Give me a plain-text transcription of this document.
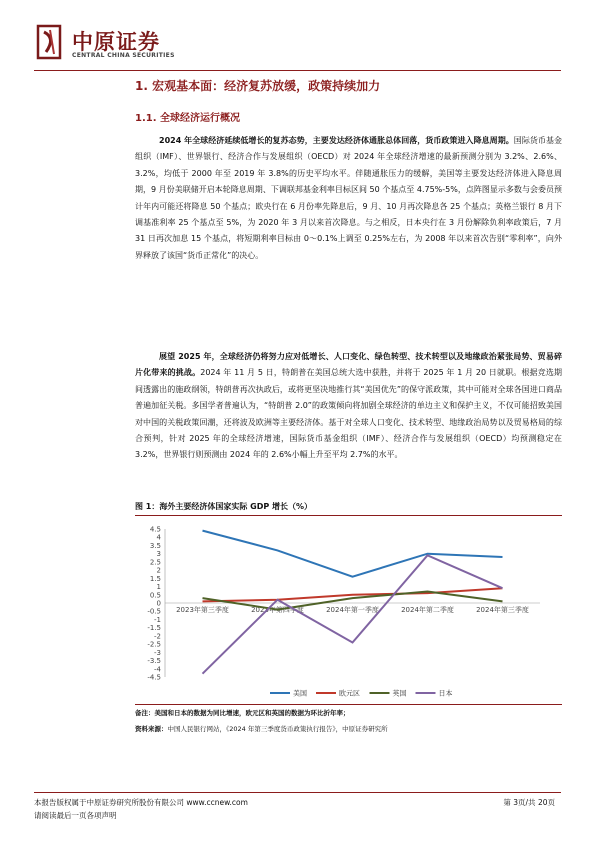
中原证券
CENTRAL CHINA SECURITIES
1. 宏观基本面：经济复苏放缓，政策持续加力
1.1. 全球经济运行概况

2024 年全球经济延续低增长的复苏态势，主要发达经济体通胀总体回落，货币政策进入降息周期。国际货币基金组织（IMF）、世界银行、经济合作与发展组织（OECD）对 2024 年全球经济增速的最新预测分别为 3.2%、2.6%、3.2%，均低于 2000 年至 2019 年 3.8%的历史平均水平。伴随通胀压力的缓解，美国等主要发达经济体进入降息周期，9 月份美联储开启本轮降息周期、下调联邦基金利率目标区间 50 个基点至 4.75%-5%，点阵图显示多数与会委员预计年内可能还将降息 50 个基点；欧央行在 6 月份率先降息后，9 月、10 月再次降息各 25 个基点；英格兰银行 8 月下调基准利率 25 个基点至 5%，为 2020 年 3 月以来首次降息。与之相反，日本央行在 3 月份解除负利率政策后，7 月 31 日再次加息 15 个基点，将短期利率目标由 0～0.1%上调至 0.25%左右，为 2008 年以来首次告别“零利率”，向外界释放了该国“货币正常化”的决心。

展望 2025 年，全球经济仍将努力应对低增长、人口变化、绿色转型、技术转型以及地缘政治紧张局势、贸易碎片化带来的挑战。2024 年 11 月 5 日，特朗普在美国总统大选中获胜，并将于 2025 年 1 月 20 日就职。根据竞选期间透露出的施政纲领，特朗普再次执政后，或将更坚决地推行其“美国优先”的保守派政策，其中可能对全球各国进口商品普遍加征关税。多国学者普遍认为，“特朗普 2.0”的政策倾向将加剧全球经济的单边主义和保护主义，不仅可能招致美国对中国的关税政策回潮，还将波及欧洲等主要经济体。基于对全球人口变化、技术转型、地缘政治局势以及贸易格局的综合预判，针对 2025 年的全球经济增速，国际货币基金组织（IMF）、经济合作与发展组织（OECD）均预测稳定在 3.2%，世界银行则预测由 2024 年的 2.6%小幅上升至平均 2.7%的水平。

图 1：海外主要经济体国家实际 GDP 增长（%）
4.5
4
3.5
3
2.5
2
1.5
1
0.5
0
-0.5
-1
-1.5
-2
-2.5
-3
-3.5
-4
-4.5
2023年第三季度	2023年第四季度	2024年第一季度	2024年第二季度	2024年第三季度
美国	欧元区	英国	日本
备注：美国和日本的数据为同比增速，欧元区和英国的数据为环比折年率；
资料来源：中国人民银行网站，《2024 年第三季度货币政策执行报告》，中原证券研究所
本报告版权属于中原证券研究所股份有限公司 www.ccnew.com
请阅读最后一页各项声明
第 3页/共 20页
